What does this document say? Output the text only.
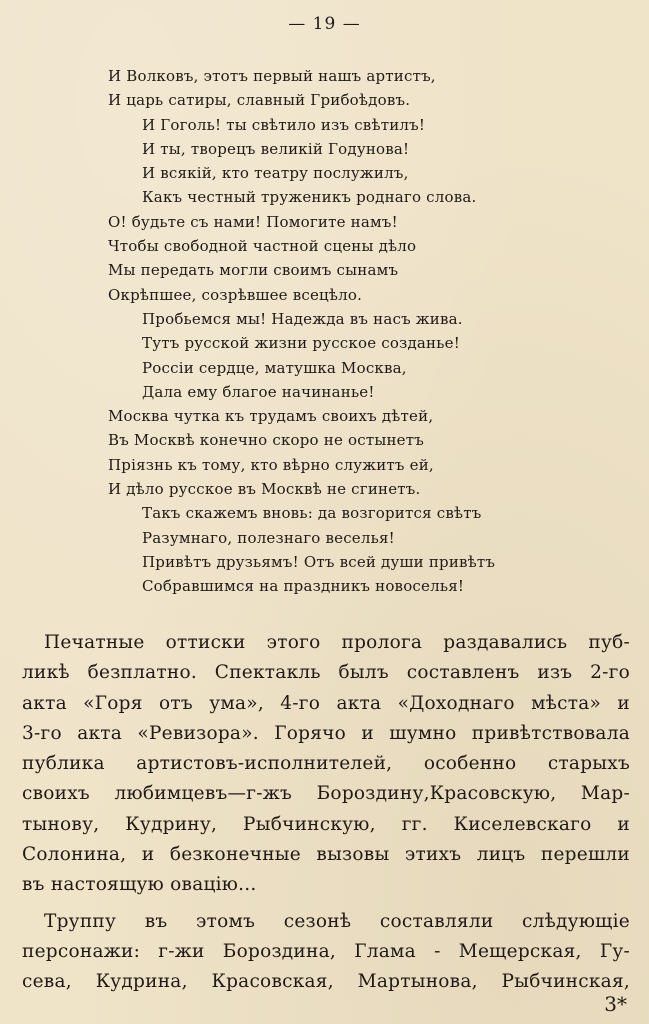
— 19 —
И Волковъ, этотъ первый нашъ артистъ,
И царь сатиры, славный Грибоѣдовъ.
И Гоголь! ты свѣтило изъ свѣтилъ!
И ты, творецъ великій Годунова!
И всякій, кто театру послужилъ,
Какъ честный труженикъ роднаго слова.
О! будьте съ нами! Помогите намъ!
Чтобы свободной частной сцены дѣло
Мы передать могли своимъ сынамъ
Окрѣпшее, созрѣвшее всецѣло.
Пробьемся мы! Надежда въ насъ жива.
Тутъ русской жизни русское созданье!
Россіи сердце, матушка Москва,
Дала ему благое начинанье!
Москва чутка къ трудамъ своихъ дѣтей,
Въ Москвѣ конечно скоро не остынетъ
Пріязнь къ тому, кто вѣрно служитъ ей,
И дѣло русское въ Москвѣ не сгинетъ.
Такъ скажемъ вновь: да возгорится свѣтъ
Разумнаго, полезнаго веселья!
Привѣтъ друзьямъ! Отъ всей души привѣтъ
Собравшимся на праздникъ новоселья!
Печатные оттиски этого пролога раздавались пуб-
ликѣ безплатно. Спектакль былъ составленъ изъ 2-го
акта «Горя отъ ума», 4-го акта «Доходнаго мѣста» и
3-го акта «Ревизора». Горячо и шумно привѣтствовала
публика артистовъ-исполнителей, особенно старыхъ
своихъ любимцевъ—г-жъ Бороздину,Красовскую, Мар-
тынову, Кудрину, Рыбчинскую, гг. Киселевскаго и
Солонина, и безконечные вызовы этихъ лицъ перешли
въ настоящую овацію...
Труппу въ этомъ сезонѣ составляли слѣдующіе
персонажи: г-жи Бороздина, Глама - Мещерская, Гу-
сева, Кудрина, Красовская, Мартынова, Рыбчинская,
3*
